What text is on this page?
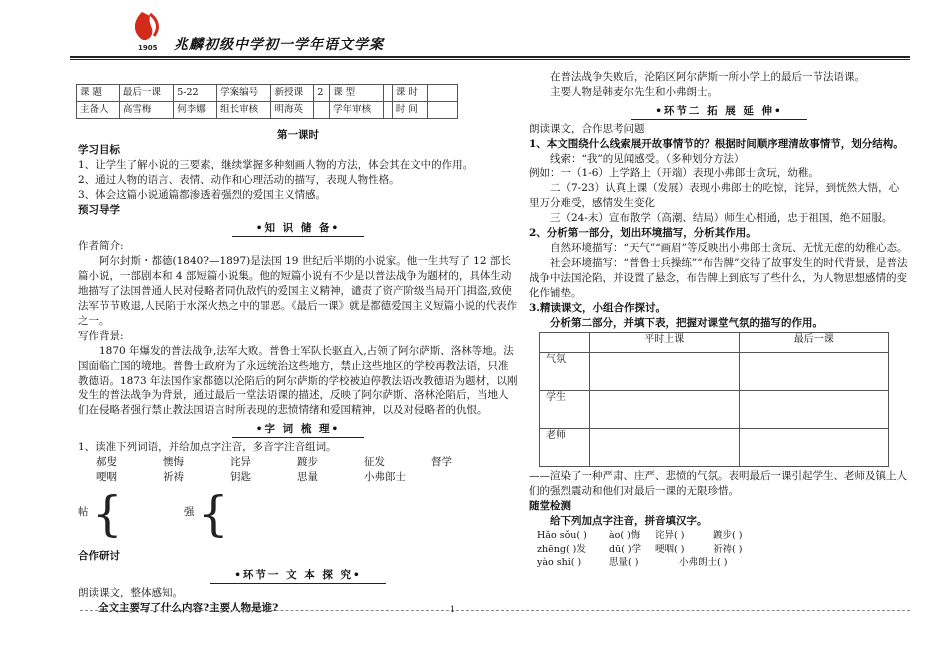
1905 兆麟初级中学初一学年语文学案
课 题	最后一课	5-22	学案编号	新授课	2	课 型		课 时	
主备人	高雪梅	何李娜	组长审核	明海英		学年审核		时 间	
第一课时
学习目标
1、让学生了解小说的三要素，继续掌握多种刻画人物的方法，体会其在文中的作用。
2、通过人物的语言、表情、动作和心理活动的描写，表现人物性格。
3、体会这篇小说通篇都渗透着强烈的爱国主义情感。
预习导学
•知 识 储 备•
作者简介:
阿尔封斯・都德(1840?—1897)是法国 19 世纪后半期的小说家。他一生共写了 12 部长篇小说，一部剧本和 4 部短篇小说集。他的短篇小说有不少是以普法战争为题材的，具体生动地描写了法国普通人民对侵略者同仇敌忾的爱国主义精神，谴责了资产阶级当局开门揖盗,致使法军节节败退,人民陷于水深火热之中的罪恶。《最后一课》就是都德爱国主义短篇小说的代表作之一。
写作背景:
1870 年爆发的普法战争,法军大败。普鲁士军队长驱直入,占领了阿尔萨斯、洛林等地。法国面临亡国的境地。普鲁士政府为了永远统治这些地方，禁止这些地区的学校再教法语，只准教德语。1873 年法国作家都德以沦陷后的阿尔萨斯的学校被迫停教法语改教德语为题材，以刚发生的普法战争为背景，通过最后一堂法语课的描述，反映了阿尔萨斯、洛林沦陷后，当地人们在侵略者强行禁止教法国语言时所表现的悲愤情绪和爱国精神，以及对侵略者的仇恨。
•字 词 梳 理•
1、读准下列词语，并给加点字注音，多音字注音组词。
郝叟	懊悔	诧异	踱步	征发	督学
哽咽	祈祷	钥匙	思量	小弗郎士
帖 {	强 {
合作研讨
•环节一 文 本 探 究•
朗读课文，整体感知。
全文主要写了什么内容?主要人物是谁?
在普法战争失败后，沦陷区阿尔萨斯一所小学上的最后一节法语课。
主要人物是韩麦尔先生和小弗朗士。
•环节二 拓 展 延 伸•
朗读课文，合作思考问题
1、本文围绕什么线索展开故事情节的？根据时间顺序理清故事情节，划分结构。
线索：“我”的见闻感受。（多种划分方法）
例如：一（1-6）上学路上（开端）表现小弗郎士贪玩，幼稚。
二（7-23）认真上课（发展）表现小弗郎士的吃惊，诧异，到恍然大悟，心里万分难受，感情发生变化
三（24-末）宣布散学（高潮、结局）师生心相通，忠于祖国，绝不屈服。
2、分析第一部分，划出环境描写，分析其作用。
自然环境描写：“天气”“画眉”等反映出小弗郎士贪玩、无忧无虑的幼稚心态。
社会环境描写：“普鲁士兵操练”“布告牌”交待了故事发生的时代背景，是普法战争中法国沦陷，并设置了悬念，布告牌上到底写了些什么，为人物思想感情的变化作铺垫。
3.精读课文，小组合作探讨。
分析第二部分，并填下表，把握对课堂气氛的描写的作用。
	平时上课	最后一课
气氛		
学生		
老师		
——渲染了一种严肃、庄严、悲愤的气氛。表明最后一课引起学生、老师及镇上人们的强烈震动和他们对最后一课的无限珍惜。
随堂检测
给下列加点字注音，拼音填汉字。
Hǎo sǒu( )	ào( )悔	诧异( )	踱步( )
zhēng( )发	dū( )学	哽咽( )	祈祷( )
yào shi( )	思量( )	小弗朗士( )
1
